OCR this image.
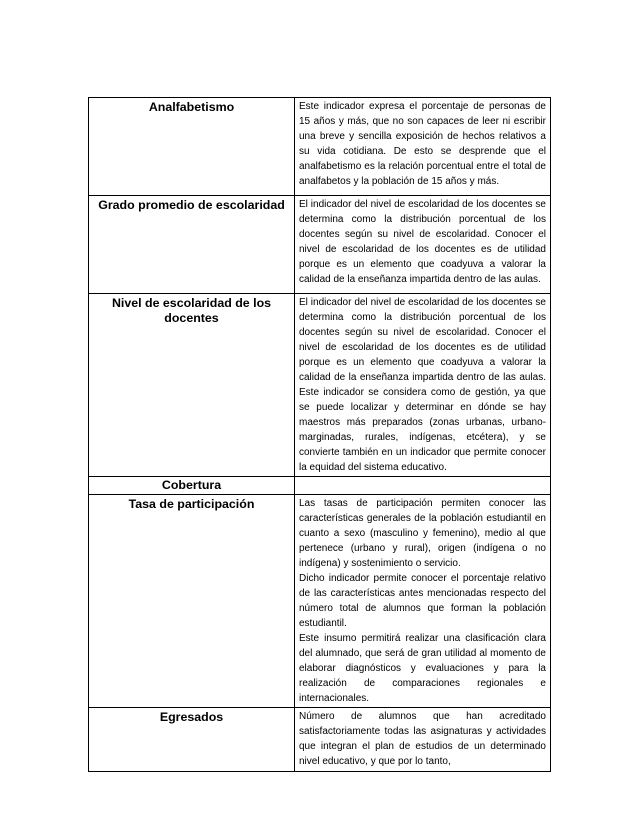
Analfabetismo	Este indicador expresa el porcentaje de personas de 15 años y más, que no son capaces de leer ni escribir una breve y sencilla exposición de hechos relativos a su vida cotidiana. De esto se desprende que el analfabetismo es la relación porcentual entre el total de analfabetos y la población de 15 años y más.

Grado promedio de escolaridad	El indicador del nivel de escolaridad de los docentes se determina como la distribución porcentual de los docentes según su nivel de escolaridad. Conocer el nivel de escolaridad de los docentes es de utilidad porque es un elemento que coadyuva a valorar la calidad de la enseñanza impartida dentro de las aulas.

Nivel de escolaridad de los docentes	El indicador del nivel de escolaridad de los docentes se determina como la distribución porcentual de los docentes según su nivel de escolaridad. Conocer el nivel de escolaridad de los docentes es de utilidad porque es un elemento que coadyuva a valorar la calidad de la enseñanza impartida dentro de las aulas. Este indicador se considera como de gestión, ya que se puede localizar y determinar en dónde se hay maestros más preparados (zonas urbanas, urbano-marginadas, rurales, indígenas, etcétera), y se convierte también en un indicador que permite conocer la equidad del sistema educativo.

Cobertura	
Tasa de participación	Las tasas de participación permiten conocer las características generales de la población estudiantil en cuanto a sexo (masculino y femenino), medio al que pertenece (urbano y rural), origen (indígena o no indígena) y sostenimiento o servicio.
Dicho indicador permite conocer el porcentaje relativo de las características antes mencionadas respecto del número total de alumnos que forman la población estudiantil.
Este insumo permitirá realizar una clasificación clara del alumnado, que será de gran utilidad al momento de elaborar diagnósticos y evaluaciones y para la realización de comparaciones regionales e internacionales.

Egresados	Número de alumnos que han acreditado satisfactoriamente todas las asignaturas y actividades que integran el plan de estudios de un determinado nivel educativo, y que por lo tanto,
